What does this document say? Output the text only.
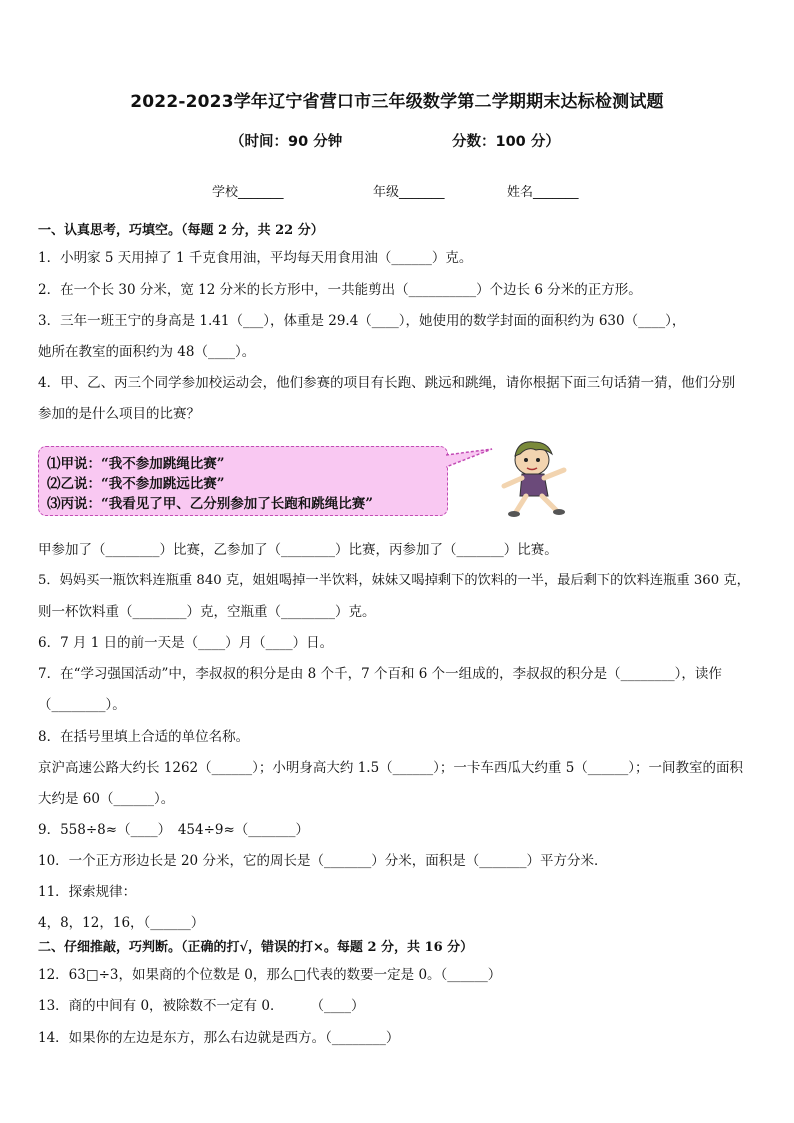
2022-2023学年辽宁省营口市三年级数学第二学期期末达标检测试题
（时间：90 分钟	分数：100 分）
学校_______	年级_______	姓名_______
一、认真思考，巧填空。（每题 2 分，共 22 分）
1．小明家 5 天用掉了 1 千克食用油，平均每天用食用油（______）克。
2．在一个长 30 分米，宽 12 分米的长方形中，一共能剪出（__________）个边长 6 分米的正方形。
3．三年一班王宁的身高是 1.41（___），体重是 29.4（____），她使用的数学封面的面积约为 630（____），
她所在教室的面积约为 48（____）。
4．甲、乙、丙三个同学参加校运动会，他们参赛的项目有长跑、跳远和跳绳，请你根据下面三句话猜一猜，他们分别
参加的是什么项目的比赛？
⑴甲说：“我不参加跳绳比赛”
⑵乙说：“我不参加跳远比赛”
⑶丙说：“我看见了甲、乙分别参加了长跑和跳绳比赛”
甲参加了（________）比赛，乙参加了（________）比赛，丙参加了（_______）比赛。
5．妈妈买一瓶饮料连瓶重 840 克，姐姐喝掉一半饮料，妹妹又喝掉剩下的饮料的一半，最后剩下的饮料连瓶重 360 克，
则一杯饮料重（________）克，空瓶重（________）克。
6．7 月 1 日的前一天是（____）月（____）日。
7．在“学习强国活动”中，李叔叔的积分是由 8 个千，7 个百和 6 个一组成的，李叔叔的积分是（________），读作
（________）。
8．在括号里填上合适的单位名称。
京沪高速公路大约长 1262（______）；小明身高大约 1.5（______）；一卡车西瓜大约重 5（______）；一间教室的面积
大约是 60（______）。
9．558÷8≈（____）　454÷9≈（_______）
10．一个正方形边长是 20 分米，它的周长是（_______）分米，面积是（_______）平方分米．
11．探索规律：
4，8，12，16，（______）
二、仔细推敲，巧判断。（正确的打√，错误的打×。每题 2 分，共 16 分）
12．63□÷3，如果商的个位数是 0，那么□代表的数要一定是 0。（______）
13．商的中间有 0，被除数不一定有 0．　　　（____）
14．如果你的左边是东方，那么右边就是西方。（________）
